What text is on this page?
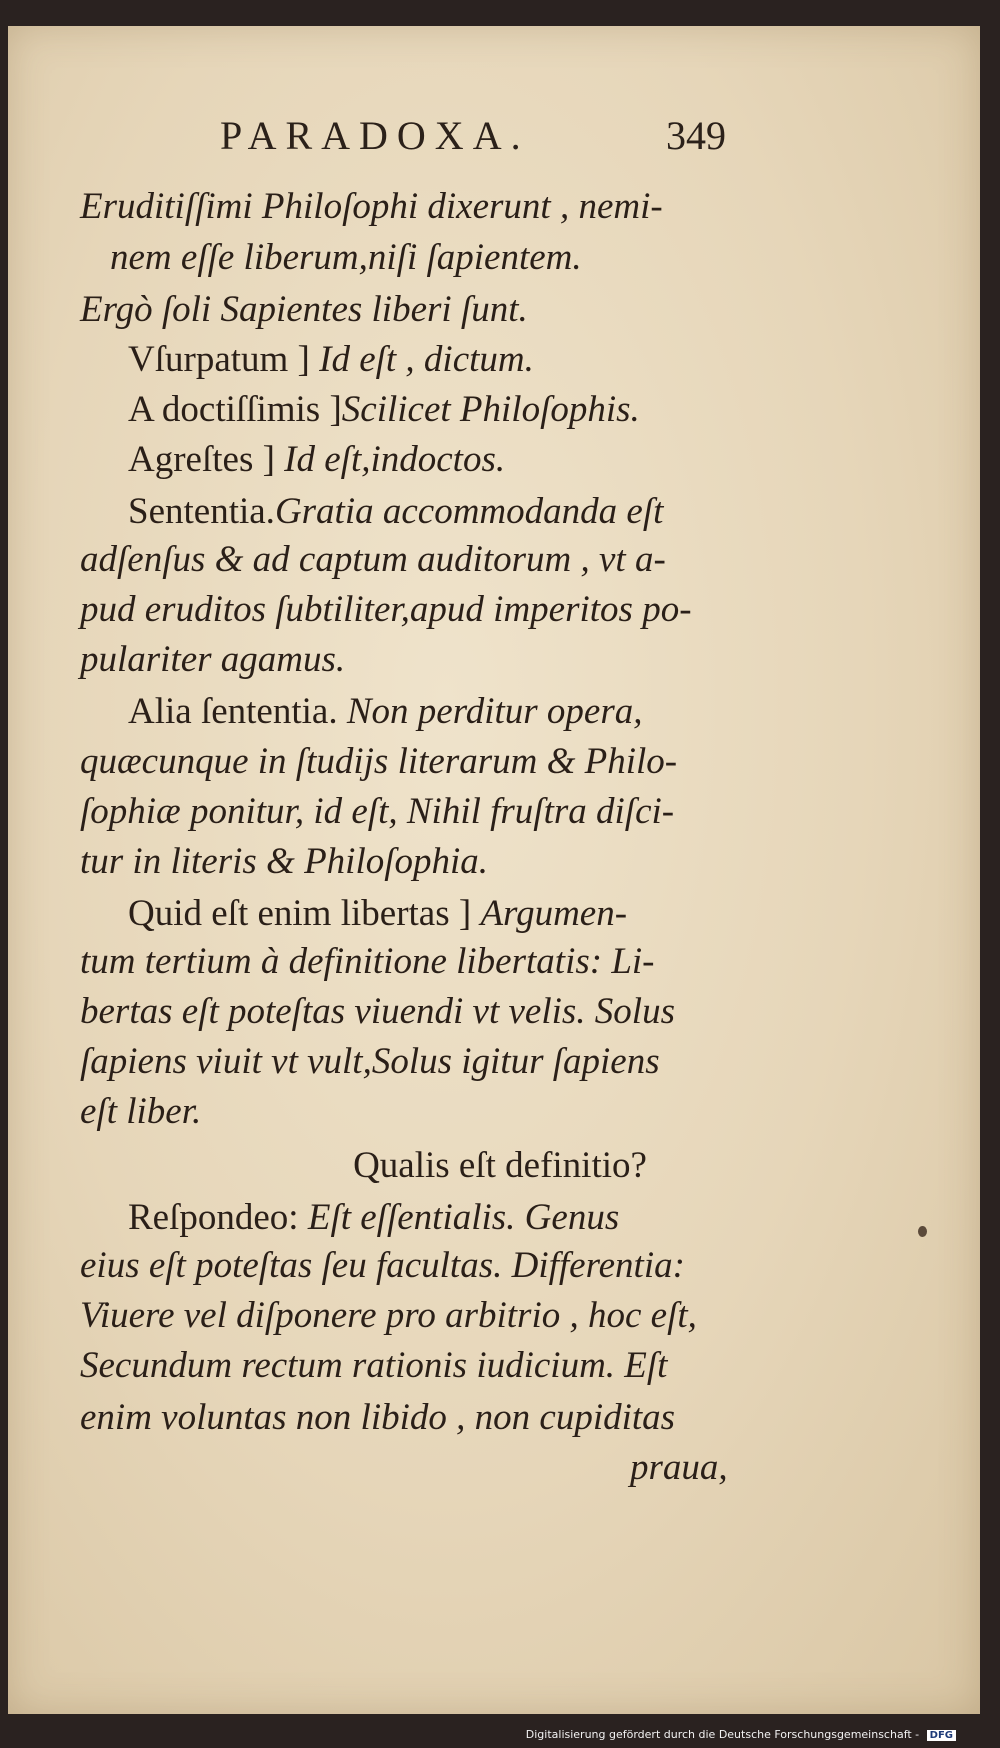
PARADOXA.	349
Eruditiſſimi Philoſophi dixerunt , nemi-
nem eſſe liberum,niſi ſapientem.
Ergò ſoli Sapientes liberi ſunt.
Vſurpatum ] Id eſt , dictum.
A doctiſſimis ]Scilicet Philoſophis.
Agreſtes ] Id eſt,indoctos.
Sententia.Gratia accommodanda eſt
adſenſus & ad captum auditorum , vt a-
pud eruditos ſubtiliter,apud imperitos po-
pulariter agamus.
Alia ſententia. Non perditur opera,
quæcunque in ſtudijs literarum & Philo-
ſophiæ ponitur, id eſt, Nihil fruſtra diſci-
tur in literis & Philoſophia.
Quid eſt enim libertas ] Argumen-
tum tertium à definitione libertatis: Li-
bertas eſt poteſtas viuendi vt velis. Solus
ſapiens viuit vt vult,Solus igitur ſapiens
eſt liber.
Qualis eſt definitio?
Reſpondeo: Eſt eſſentialis. Genus
eius eſt poteſtas ſeu facultas. Differentia:
Viuere vel diſponere pro arbitrio , hoc eſt,
Secundum rectum rationis iudicium. Eſt
enim voluntas non libido , non cupiditas
praua,
Digitalisierung gefördert durch die Deutsche Forschungsgemeinschaft - DFG
